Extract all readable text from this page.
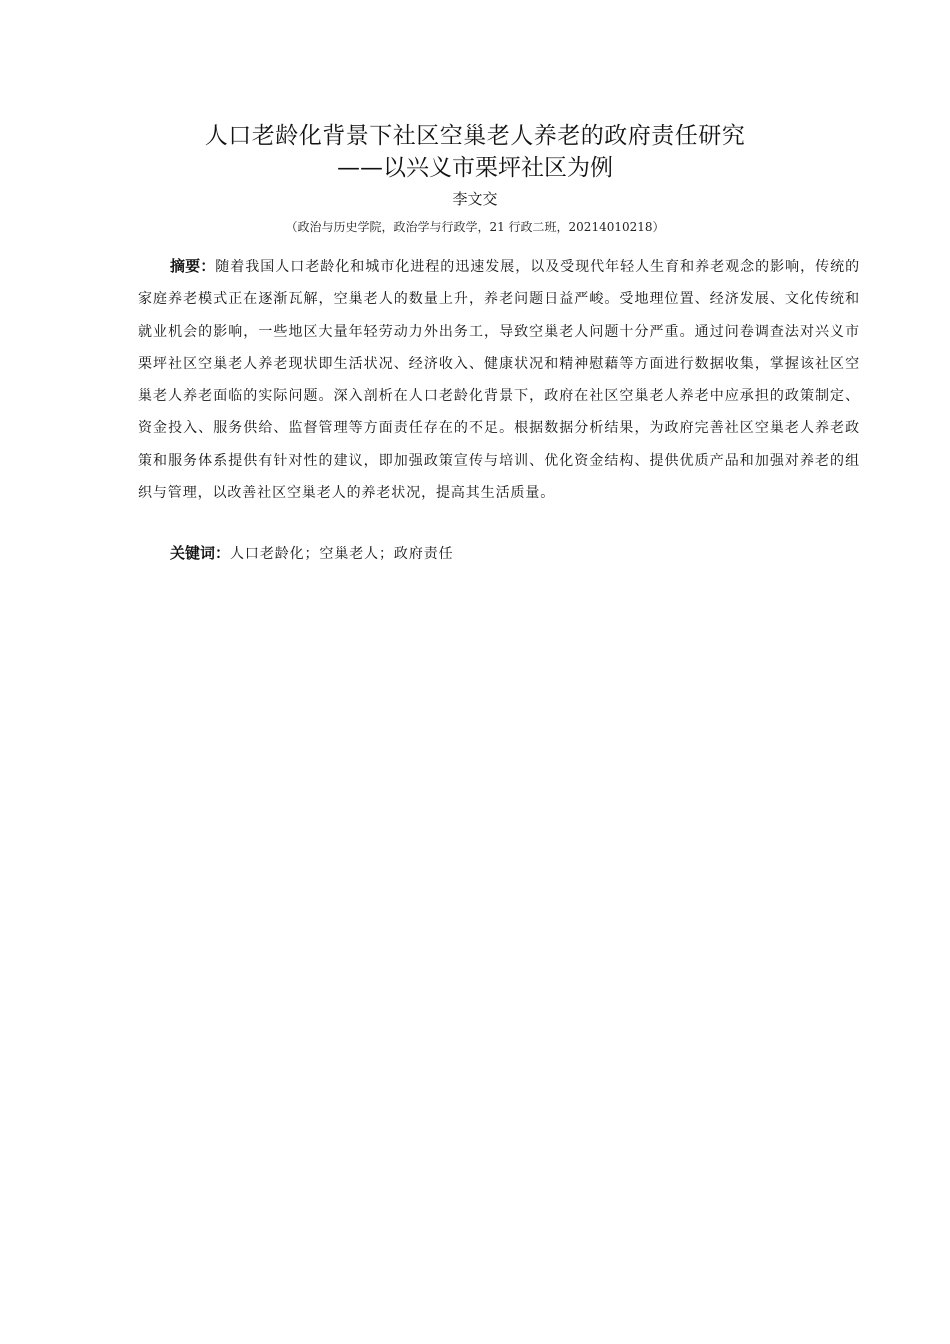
人口老龄化背景下社区空巢老人养老的政府责任研究
——以兴义市栗坪社区为例
李文交
（政治与历史学院，政治学与行政学，21 行政二班，20214010218）

摘要：随着我国人口老龄化和城市化进程的迅速发展，以及受现代年轻人生育和养老观念的影响，传统的家庭养老模式正在逐渐瓦解，空巢老人的数量上升，养老问题日益严峻。受地理位置、经济发展、文化传统和就业机会的影响，一些地区大量年轻劳动力外出务工，导致空巢老人问题十分严重。通过问卷调查法对兴义市栗坪社区空巢老人养老现状即生活状况、经济收入、健康状况和精神慰藉等方面进行数据收集，掌握该社区空巢老人养老面临的实际问题。深入剖析在人口老龄化背景下，政府在社区空巢老人养老中应承担的政策制定、资金投入、服务供给、监督管理等方面责任存在的不足。根据数据分析结果，为政府完善社区空巢老人养老政策和服务体系提供有针对性的建议，即加强政策宣传与培训、优化资金结构、提供优质产品和加强对养老的组织与管理，以改善社区空巢老人的养老状况，提高其生活质量。

关键词：人口老龄化；空巢老人；政府责任
